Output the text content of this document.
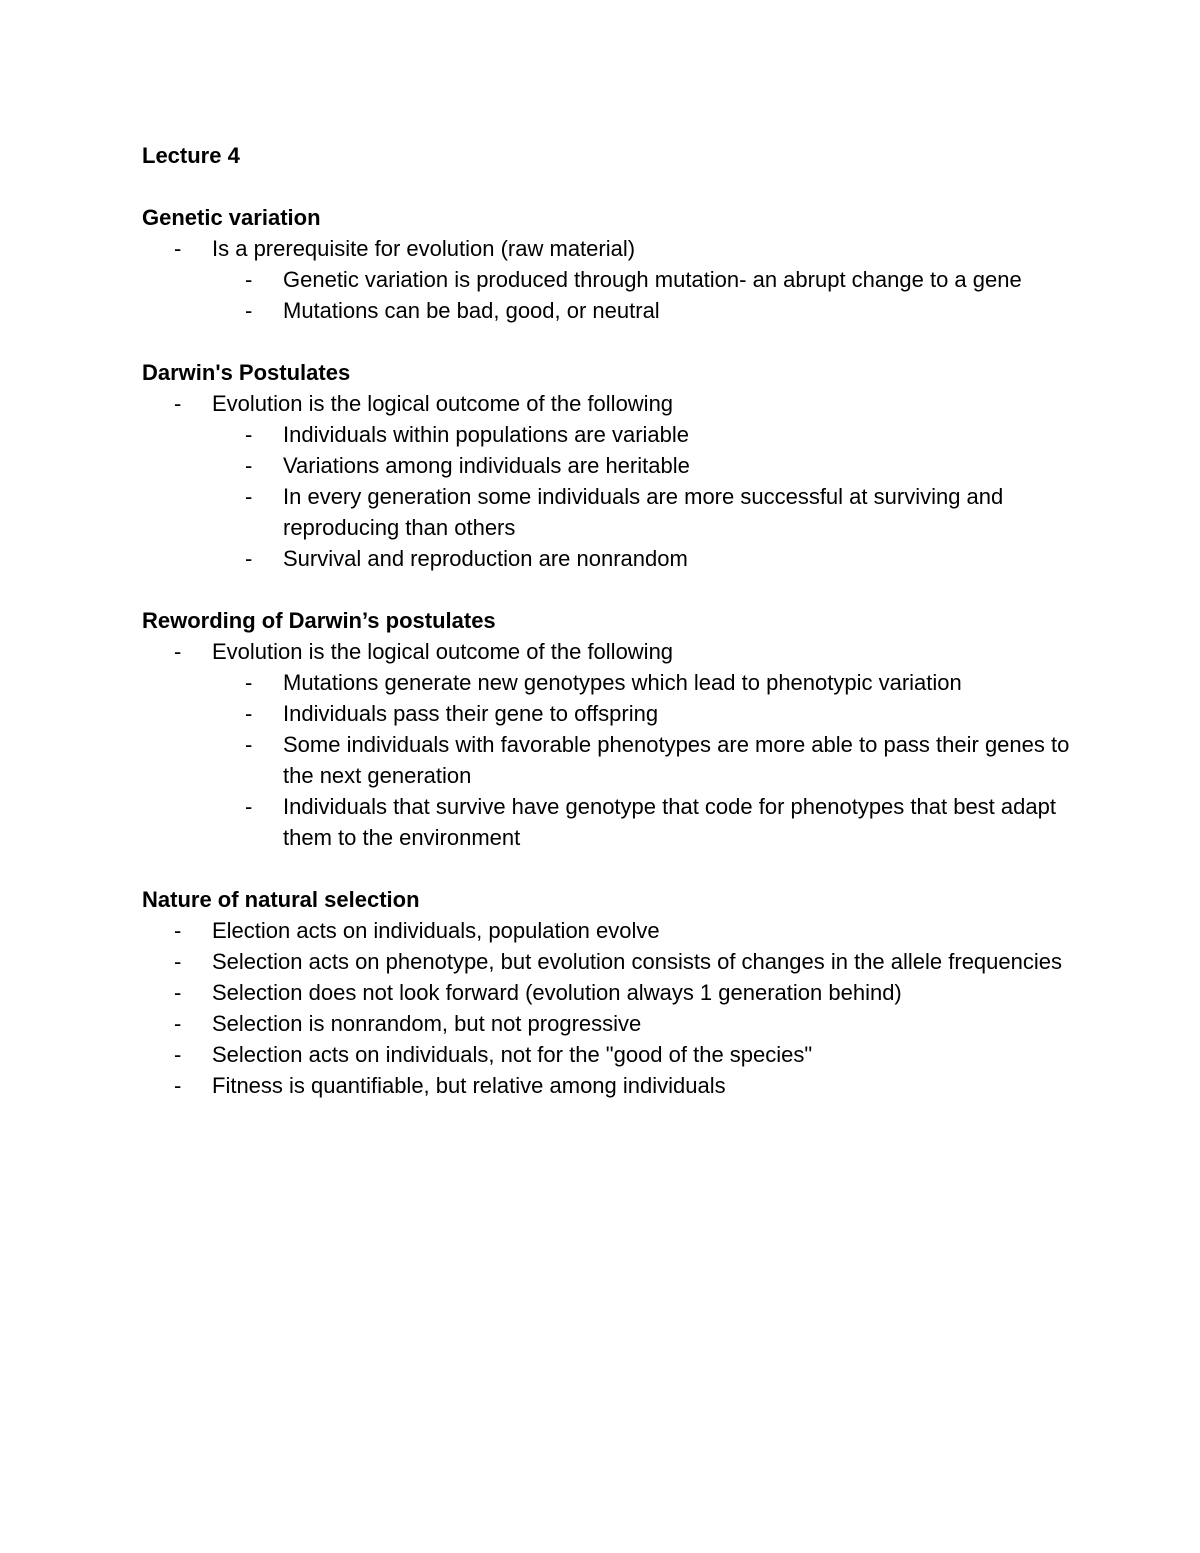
Lecture 4
Genetic variation
-	Is a prerequisite for evolution (raw material)
-	Genetic variation is produced through mutation- an abrupt change to a gene
-	Mutations can be bad, good, or neutral
Darwin's Postulates
-	Evolution is the logical outcome of the following
-	Individuals within populations are variable
-	Variations among individuals are heritable
-	In every generation some individuals are more successful at surviving and reproducing than others
-	Survival and reproduction are nonrandom
Rewording of Darwin’s postulates
-	Evolution is the logical outcome of the following
-	Mutations generate new genotypes which lead to phenotypic variation
-	Individuals pass their gene to offspring
-	Some individuals with favorable phenotypes are more able to pass their genes to the next generation
-	Individuals that survive have genotype that code for phenotypes that best adapt them to the environment
Nature of natural selection
-	Election acts on individuals, population evolve
-	Selection acts on phenotype, but evolution consists of changes in the allele frequencies
-	Selection does not look forward (evolution always 1 generation behind)
-	Selection is nonrandom, but not progressive
-	Selection acts on individuals, not for the "good of the species"
-	Fitness is quantifiable, but relative among individuals
